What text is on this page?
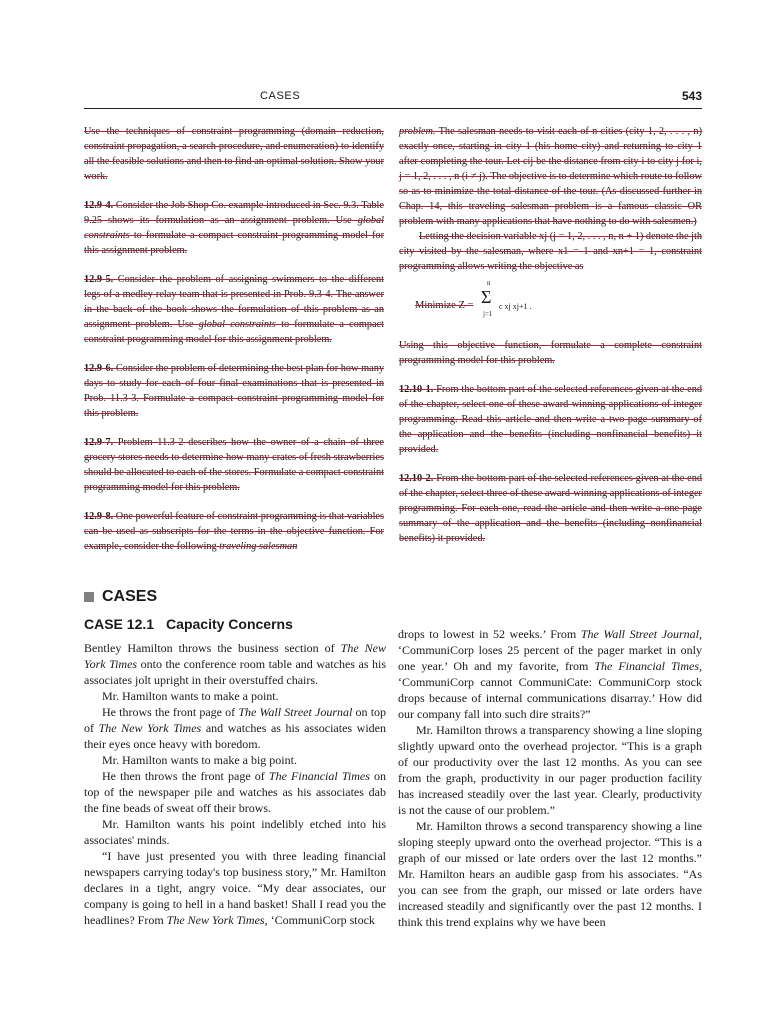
CASES	543

Use the techniques of constraint programming (domain reduction, constraint propagation, a search procedure, and enumeration) to identify all the feasible solutions and then to find an optimal solution. Show your work.

12.9-4. Consider the Job Shop Co. example introduced in Sec. 9.3. Table 9.25 shows its formulation as an assignment problem. Use global constraints to formulate a compact constraint programming model for this assignment problem.

12.9-5. Consider the problem of assigning swimmers to the different legs of a medley relay team that is presented in Prob. 9.3-4. The answer in the back of the book shows the formulation of this problem as an assignment problem. Use global constraints to formulate a compact constraint programming model for this assignment problem.

12.9-6. Consider the problem of determining the best plan for how many days to study for each of four final examinations that is presented in Prob. 11.3-3. Formulate a compact constraint programming model for this problem.

12.9-7. Problem 11.3-2 describes how the owner of a chain of three grocery stores needs to determine how many crates of fresh strawberries should be allocated to each of the stores. Formulate a compact constraint programming model for this problem.

12.9-8. One powerful feature of constraint programming is that variables can be used as subscripts for the terms in the objective function. For example, consider the following traveling salesman

problem. The salesman needs to visit each of n cities (city 1, 2, . . . , n) exactly once, starting in city 1 (his home city) and returning to city 1 after completing the tour. Let cij be the distance from city i to city j for i, j = 1, 2, . . . , n (i ≠ j). The objective is to determine which route to follow so as to minimize the total distance of the tour. (As discussed further in Chap. 14, this traveling salesman problem is a famous classic OR problem with many applications that have nothing to do with salesmen.)
Letting the decision variable xj (j = 1, 2, . . . , n, n + 1) denote the jth city visited by the salesman, where x1 = 1 and xn+1 = 1, constraint programming allows writing the objective as

Minimize Z =
n
Σ
j=1
c xj xj+1 .

Using this objective function, formulate a complete constraint programming model for this problem.

12.10-1. From the bottom part of the selected references given at the end of the chapter, select one of these award-winning applications of integer programming. Read this article and then write a two-page summary of the application and the benefits (including nonfinancial benefits) it provided.

12.10-2. From the bottom part of the selected references given at the end of the chapter, select three of these award-winning applications of integer programming. For each one, read the article and then write a one-page summary of the application and the benefits (including nonfinancial benefits) it provided.

CASES
CASE 12.1 Capacity Concerns

Bentley Hamilton throws the business section of The New York Times onto the conference room table and watches as his associates jolt upright in their overstuffed chairs.

Mr. Hamilton wants to make a point.

He throws the front page of The Wall Street Journal on top of The New York Times and watches as his associates widen their eyes once heavy with boredom.

Mr. Hamilton wants to make a big point.

He then throws the front page of The Financial Times on top of the newspaper pile and watches as his associates dab the fine beads of sweat off their brows.

Mr. Hamilton wants his point indelibly etched into his associates' minds.

“I have just presented you with three leading financial newspapers carrying today's top business story,” Mr. Hamilton declares in a tight, angry voice. “My dear associates, our company is going to hell in a hand basket! Shall I read you the headlines? From The New York Times, ‘CommuniCorp stock

drops to lowest in 52 weeks.’ From The Wall Street Journal, ‘CommuniCorp loses 25 percent of the pager market in only one year.’ Oh and my favorite, from The Financial Times, ‘CommuniCorp cannot CommuniCate: CommuniCorp stock drops because of internal communications disarray.’ How did our company fall into such dire straits?”

Mr. Hamilton throws a transparency showing a line sloping slightly upward onto the overhead projector. “This is a graph of our productivity over the last 12 months. As you can see from the graph, productivity in our pager production facility has increased steadily over the last year. Clearly, productivity is not the cause of our problem.”

Mr. Hamilton throws a second transparency showing a line sloping steeply upward onto the overhead projector. “This is a graph of our missed or late orders over the last 12 months.” Mr. Hamilton hears an audible gasp from his associates. “As you can see from the graph, our missed or late orders have increased steadily and significantly over the past 12 months. I think this trend explains why we have been
